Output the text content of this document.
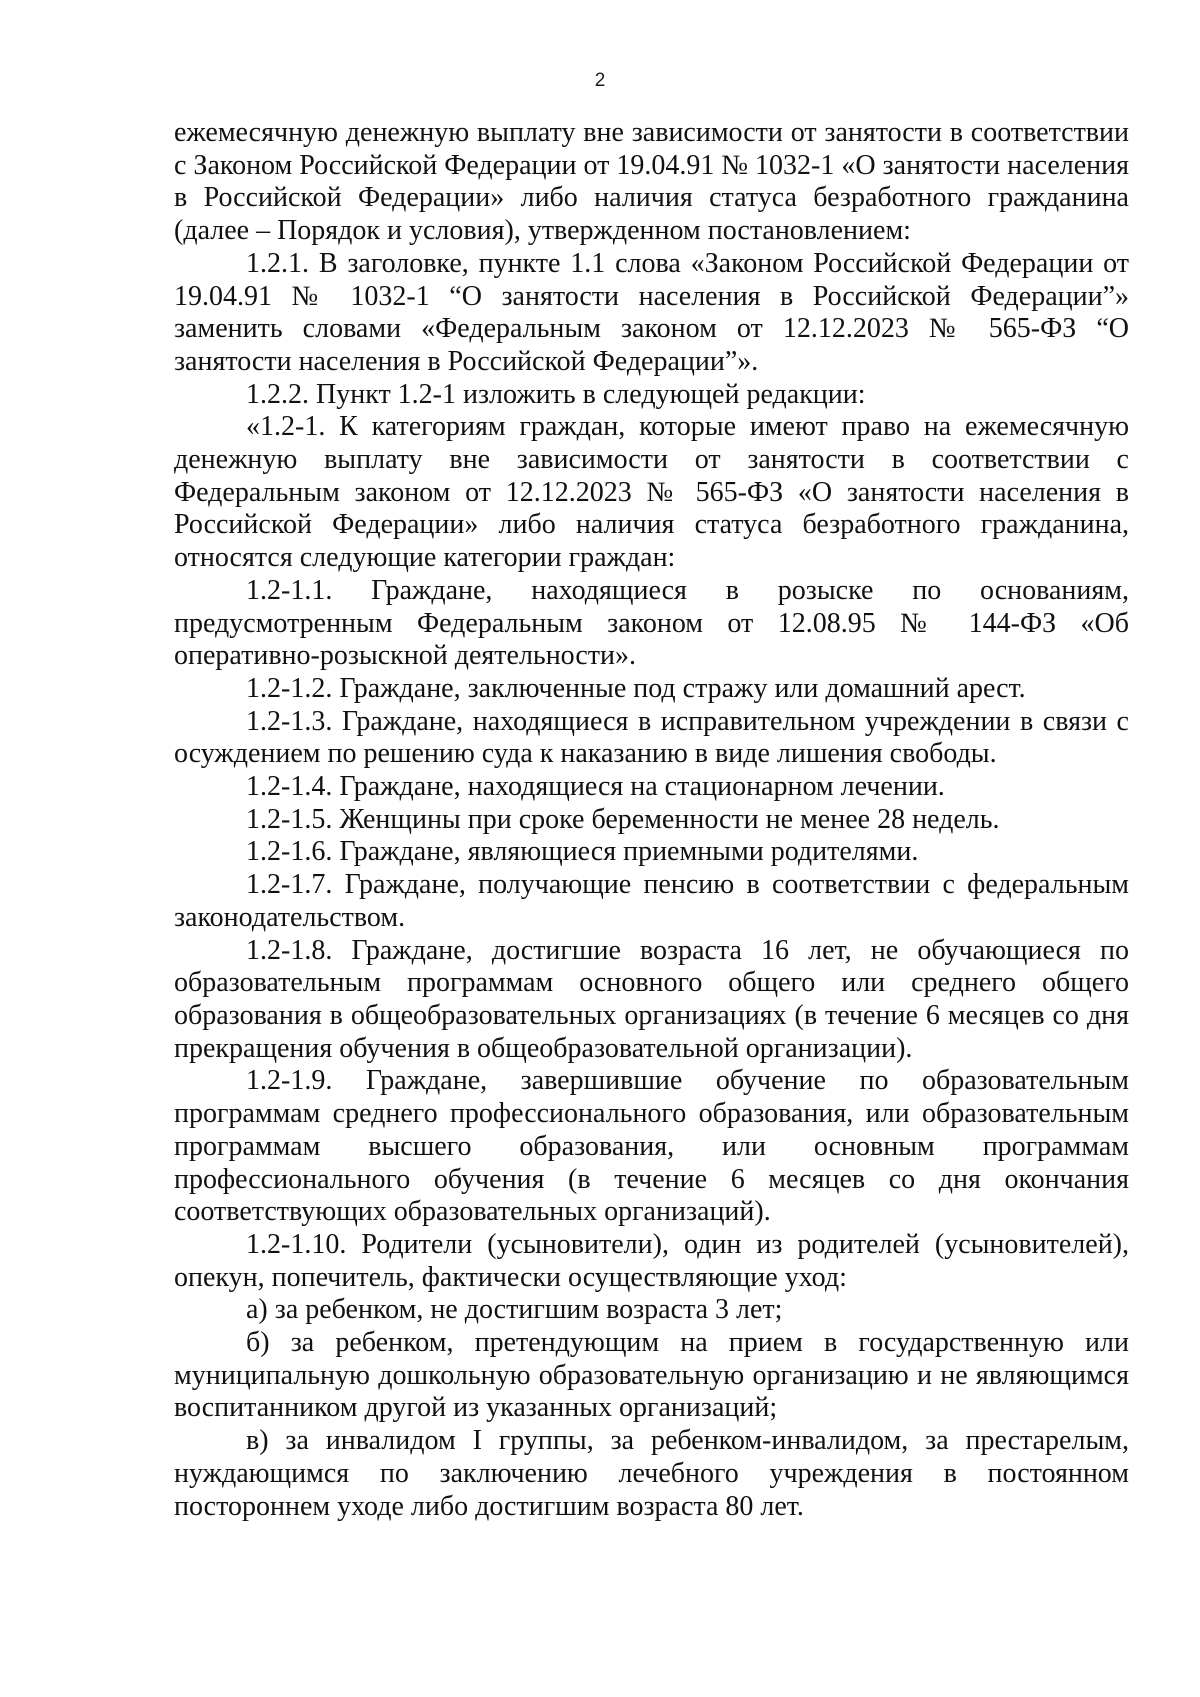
2

ежемесячную денежную выплату вне зависимости от занятости в соответствии с Законом Российской Федерации от 19.04.91 № 1032-1 «О занятости населения в Российской Федерации» либо наличия статуса безработного гражданина (далее – Порядок и условия), утвержденном постановлением:

1.2.1. В заголовке, пункте 1.1 слова «Законом Российской Федерации от 19.04.91 № 1032-1 “О занятости населения в Российской Федерации”» заменить словами «Федеральным законом от 12.12.2023 № 565-ФЗ “О занятости населения в Российской Федерации”».

1.2.2. Пункт 1.2-1 изложить в следующей редакции:

«1.2-1. К категориям граждан, которые имеют право на ежемесячную денежную выплату вне зависимости от занятости в соответствии с Федеральным законом от 12.12.2023 № 565-ФЗ «О занятости населения в Российской Федерации» либо наличия статуса безработного гражданина, относятся следующие категории граждан:

1.2-1.1. Граждане, находящиеся в розыске по основаниям, предусмотренным Федеральным законом от 12.08.95 № 144-ФЗ «Об оперативно-розыскной деятельности».

1.2-1.2. Граждане, заключенные под стражу или домашний арест.

1.2-1.3. Граждане, находящиеся в исправительном учреждении в связи с осуждением по решению суда к наказанию в виде лишения свободы.

1.2-1.4. Граждане, находящиеся на стационарном лечении.

1.2-1.5. Женщины при сроке беременности не менее 28 недель.

1.2-1.6. Граждане, являющиеся приемными родителями.

1.2-1.7. Граждане, получающие пенсию в соответствии с федеральным законодательством.

1.2-1.8. Граждане, достигшие возраста 16 лет, не обучающиеся по образовательным программам основного общего или среднего общего образования в общеобразовательных организациях (в течение 6 месяцев со дня прекращения обучения в общеобразовательной организации).

1.2-1.9. Граждане, завершившие обучение по образовательным программам среднего профессионального образования, или образовательным программам высшего образования, или основным программам профессионального обучения (в течение 6 месяцев со дня окончания соответствующих образовательных организаций).

1.2-1.10. Родители (усыновители), один из родителей (усыновителей), опекун, попечитель, фактически осуществляющие уход:

а) за ребенком, не достигшим возраста 3 лет;

б) за ребенком, претендующим на прием в государственную или муниципальную дошкольную образовательную организацию и не являющимся воспитанником другой из указанных организаций;

в) за инвалидом I группы, за ребенком-инвалидом, за престарелым, нуждающимся по заключению лечебного учреждения в постоянном постороннем уходе либо достигшим возраста 80 лет.
